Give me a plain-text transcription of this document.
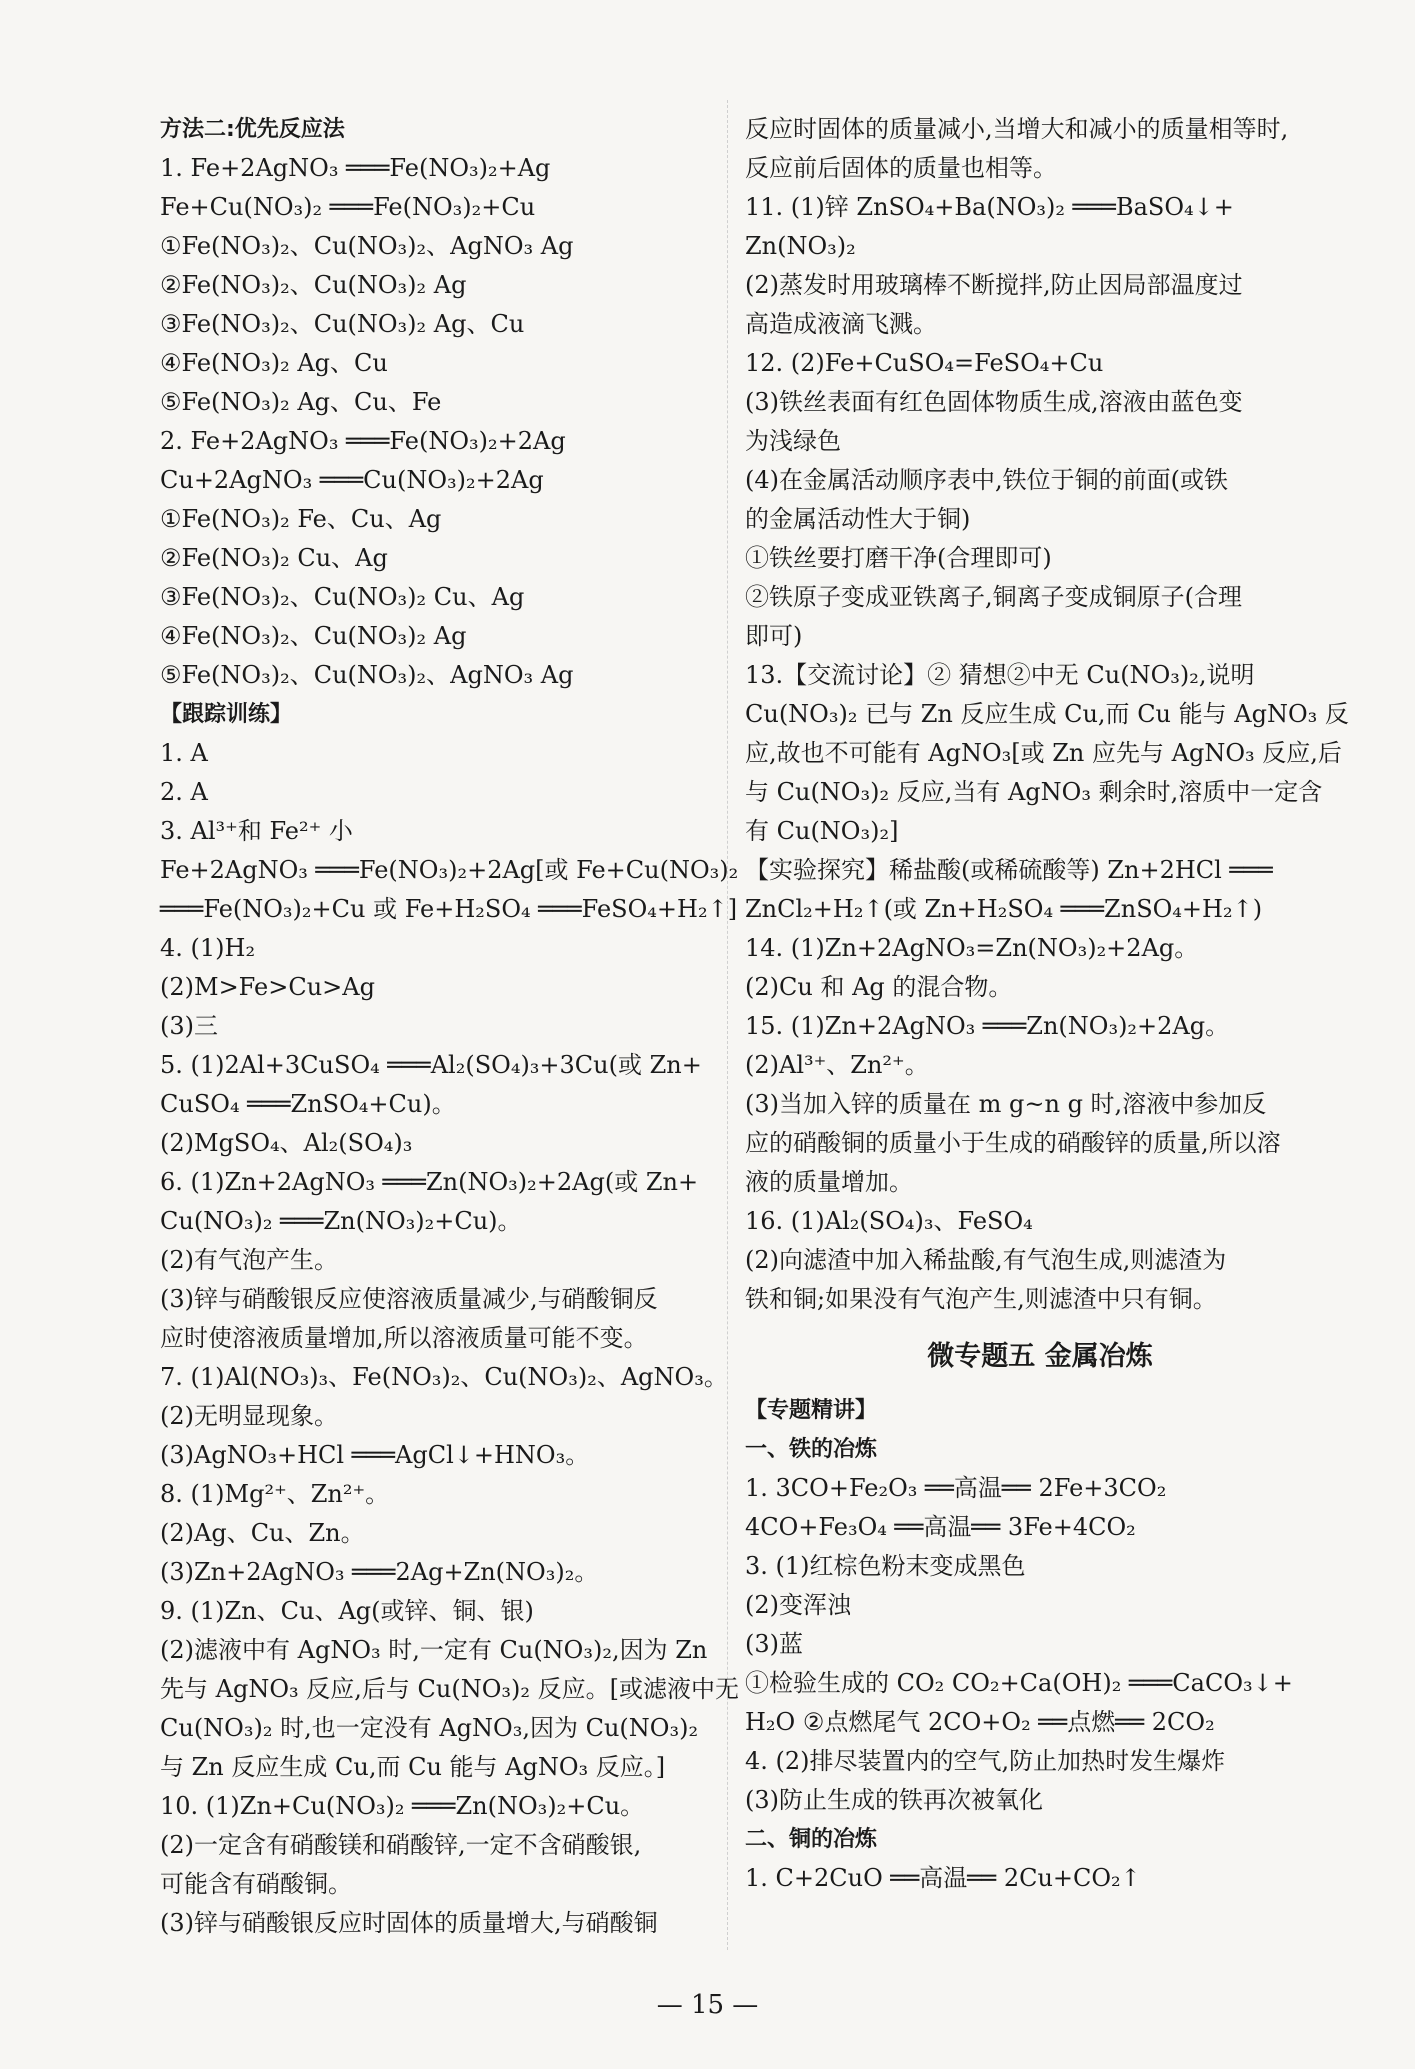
方法二:优先反应法
1. Fe+2AgNO₃ ═══Fe(NO₃)₂+Ag
Fe+Cu(NO₃)₂ ═══Fe(NO₃)₂+Cu
①Fe(NO₃)₂、Cu(NO₃)₂、AgNO₃ Ag
②Fe(NO₃)₂、Cu(NO₃)₂ Ag
③Fe(NO₃)₂、Cu(NO₃)₂ Ag、Cu
④Fe(NO₃)₂ Ag、Cu
⑤Fe(NO₃)₂ Ag、Cu、Fe
2. Fe+2AgNO₃ ═══Fe(NO₃)₂+2Ag
Cu+2AgNO₃ ═══Cu(NO₃)₂+2Ag
①Fe(NO₃)₂ Fe、Cu、Ag
②Fe(NO₃)₂ Cu、Ag
③Fe(NO₃)₂、Cu(NO₃)₂ Cu、Ag
④Fe(NO₃)₂、Cu(NO₃)₂ Ag
⑤Fe(NO₃)₂、Cu(NO₃)₂、AgNO₃ Ag
【跟踪训练】
1. A
2. A
3. Al³⁺和 Fe²⁺ 小
Fe+2AgNO₃ ═══Fe(NO₃)₂+2Ag[或 Fe+Cu(NO₃)₂
═══Fe(NO₃)₂+Cu 或 Fe+H₂SO₄ ═══FeSO₄+H₂↑]
4. (1)H₂
(2)M>Fe>Cu>Ag
(3)三
5. (1)2Al+3CuSO₄ ═══Al₂(SO₄)₃+3Cu(或 Zn+
CuSO₄ ═══ZnSO₄+Cu)。
(2)MgSO₄、Al₂(SO₄)₃
6. (1)Zn+2AgNO₃ ═══Zn(NO₃)₂+2Ag(或 Zn+
Cu(NO₃)₂ ═══Zn(NO₃)₂+Cu)。
(2)有气泡产生。
(3)锌与硝酸银反应使溶液质量减少,与硝酸铜反
应时使溶液质量增加,所以溶液质量可能不变。
7. (1)Al(NO₃)₃、Fe(NO₃)₂、Cu(NO₃)₂、AgNO₃。
(2)无明显现象。
(3)AgNO₃+HCl ═══AgCl↓+HNO₃。
8. (1)Mg²⁺、Zn²⁺。
(2)Ag、Cu、Zn。
(3)Zn+2AgNO₃ ═══2Ag+Zn(NO₃)₂。
9. (1)Zn、Cu、Ag(或锌、铜、银)
(2)滤液中有 AgNO₃ 时,一定有 Cu(NO₃)₂,因为 Zn
先与 AgNO₃ 反应,后与 Cu(NO₃)₂ 反应。[或滤液中无
Cu(NO₃)₂ 时,也一定没有 AgNO₃,因为 Cu(NO₃)₂
与 Zn 反应生成 Cu,而 Cu 能与 AgNO₃ 反应。]
10. (1)Zn+Cu(NO₃)₂ ═══Zn(NO₃)₂+Cu。
(2)一定含有硝酸镁和硝酸锌,一定不含硝酸银,
可能含有硝酸铜。
(3)锌与硝酸银反应时固体的质量增大,与硝酸铜
反应时固体的质量减小,当增大和减小的质量相等时,
反应前后固体的质量也相等。
11. (1)锌 ZnSO₄+Ba(NO₃)₂ ═══BaSO₄↓+
Zn(NO₃)₂
(2)蒸发时用玻璃棒不断搅拌,防止因局部温度过
高造成液滴飞溅。
12. (2)Fe+CuSO₄=FeSO₄+Cu
(3)铁丝表面有红色固体物质生成,溶液由蓝色变
为浅绿色
(4)在金属活动顺序表中,铁位于铜的前面(或铁
的金属活动性大于铜)
①铁丝要打磨干净(合理即可)
②铁原子变成亚铁离子,铜离子变成铜原子(合理
即可)
13.【交流讨论】② 猜想②中无 Cu(NO₃)₂,说明
Cu(NO₃)₂ 已与 Zn 反应生成 Cu,而 Cu 能与 AgNO₃ 反
应,故也不可能有 AgNO₃[或 Zn 应先与 AgNO₃ 反应,后
与 Cu(NO₃)₂ 反应,当有 AgNO₃ 剩余时,溶质中一定含
有 Cu(NO₃)₂]
【实验探究】稀盐酸(或稀硫酸等) Zn+2HCl ═══
ZnCl₂+H₂↑(或 Zn+H₂SO₄ ═══ZnSO₄+H₂↑)
14. (1)Zn+2AgNO₃=Zn(NO₃)₂+2Ag。
(2)Cu 和 Ag 的混合物。
15. (1)Zn+2AgNO₃ ═══Zn(NO₃)₂+2Ag。
(2)Al³⁺、Zn²⁺。
(3)当加入锌的质量在 m g~n g 时,溶液中参加反
应的硝酸铜的质量小于生成的硝酸锌的质量,所以溶
液的质量增加。
16. (1)Al₂(SO₄)₃、FeSO₄
(2)向滤渣中加入稀盐酸,有气泡生成,则滤渣为
铁和铜;如果没有气泡产生,则滤渣中只有铜。
微专题五 金属冶炼
【专题精讲】
一、铁的冶炼
1. 3CO+Fe₂O₃ ══高温══ 2Fe+3CO₂
4CO+Fe₃O₄ ══高温══ 3Fe+4CO₂
3. (1)红棕色粉末变成黑色
(2)变浑浊
(3)蓝
①检验生成的 CO₂ CO₂+Ca(OH)₂ ═══CaCO₃↓+
H₂O ②点燃尾气 2CO+O₂ ══点燃══ 2CO₂
4. (2)排尽装置内的空气,防止加热时发生爆炸
(3)防止生成的铁再次被氧化
二、铜的冶炼
1. C+2CuO ══高温══ 2Cu+CO₂↑
— 15 —
